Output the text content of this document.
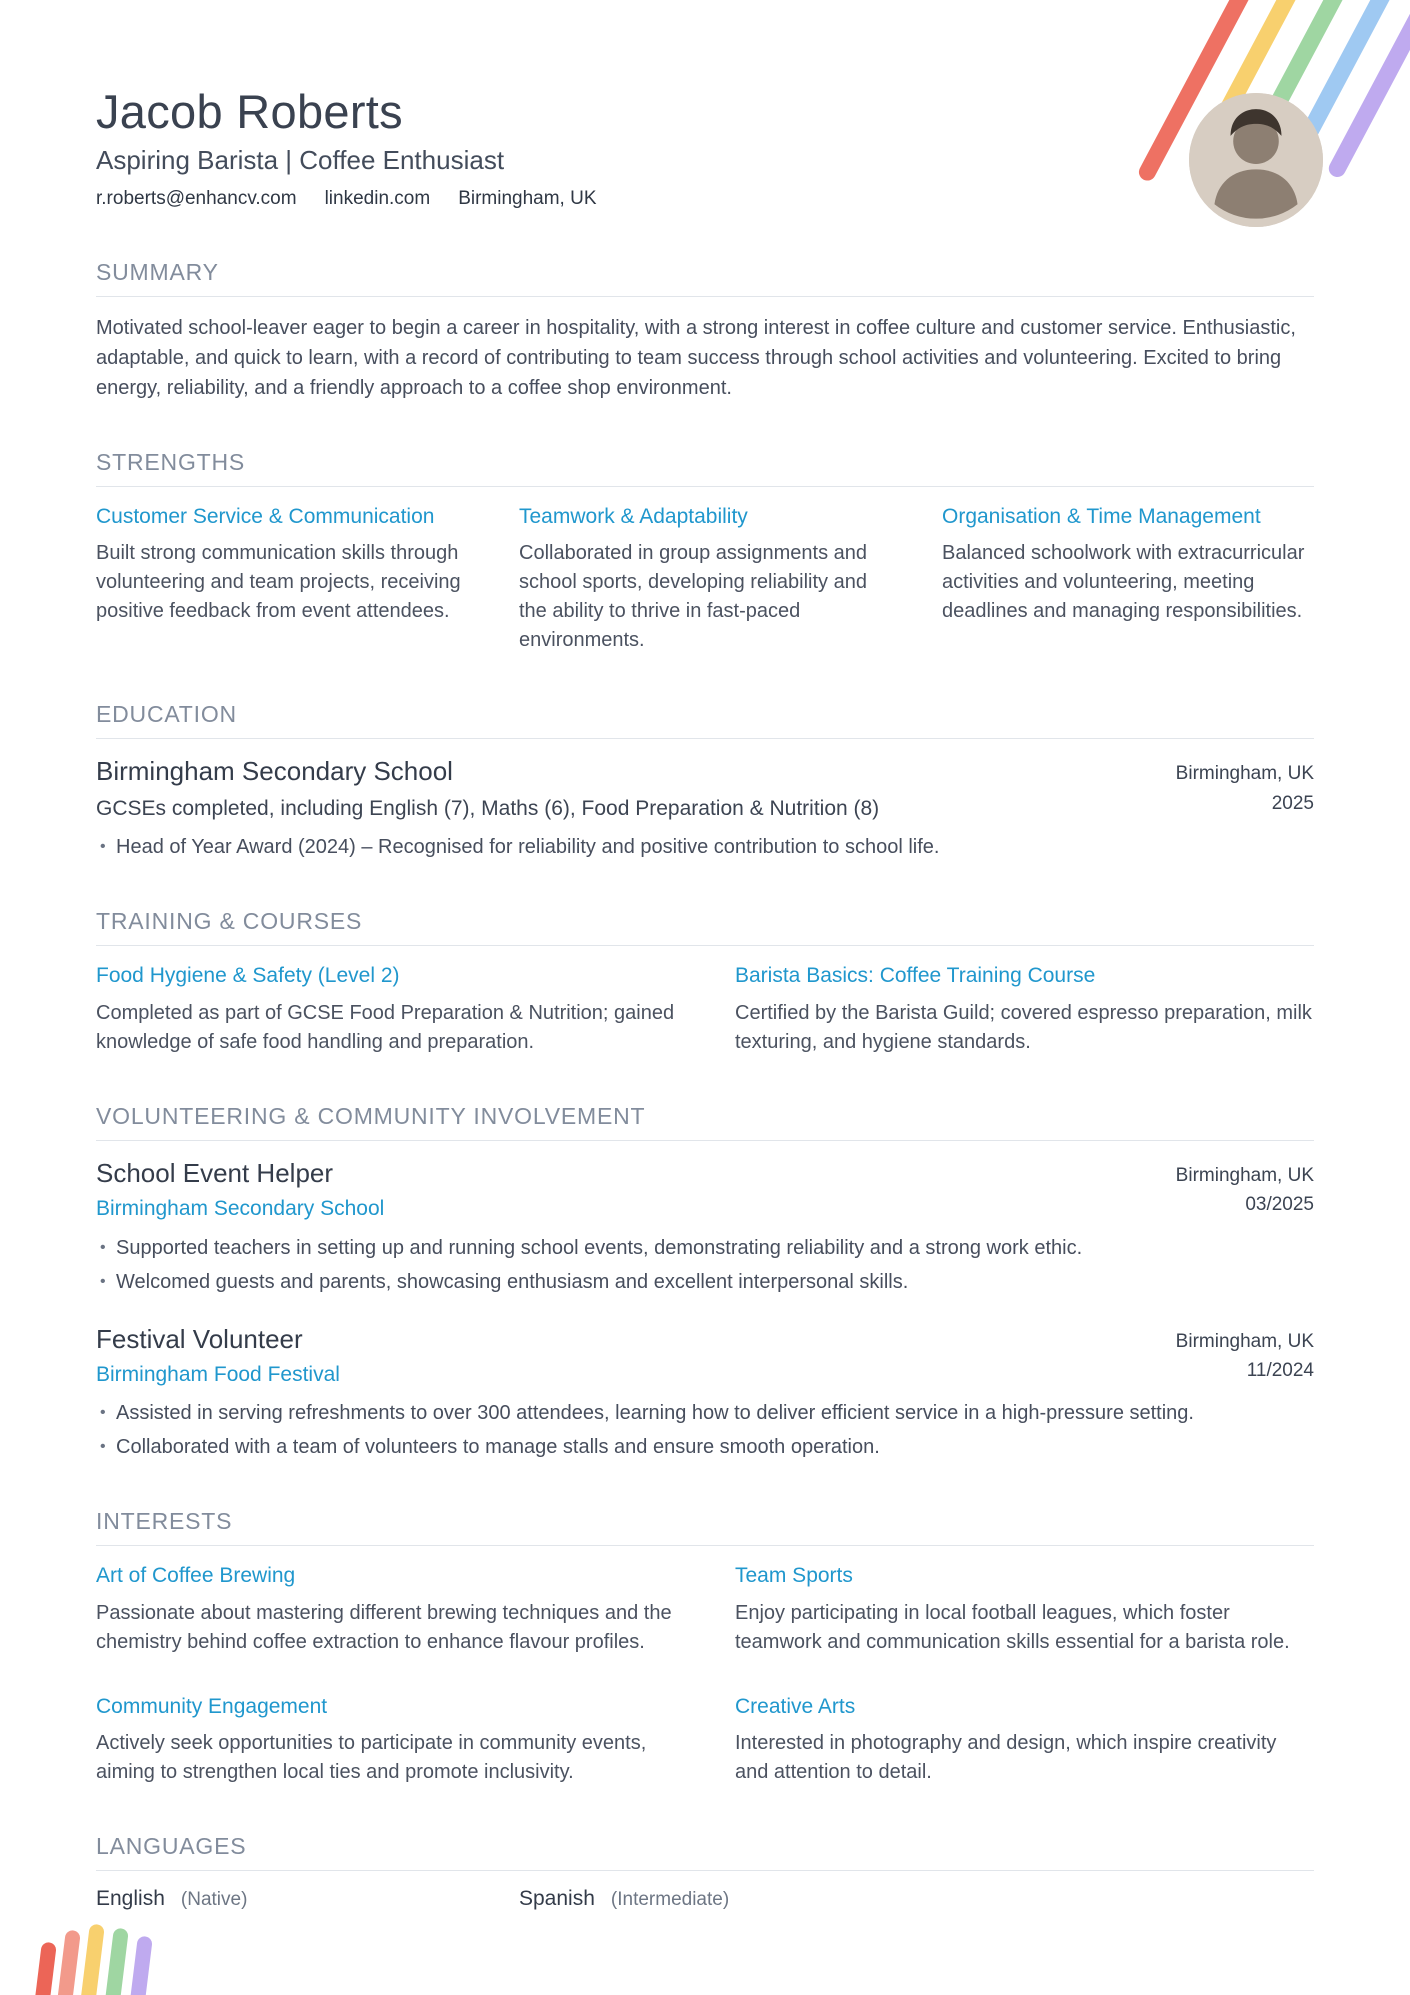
Jacob Roberts
Aspiring Barista | Coffee Enthusiast
r.roberts@enhancv.com linkedin.com Birmingham, UK
SUMMARY

Motivated school-leaver eager to begin a career in hospitality, with a strong interest in coffee culture and customer service. Enthusiastic, adaptable, and quick to learn, with a record of contributing to team success through school activities and volunteering. Excited to bring energy, reliability, and a friendly approach to a coffee shop environment.

STRENGTHS
Customer Service & Communication

Built strong communication skills through volunteering and team projects, receiving positive feedback from event attendees.

Teamwork & Adaptability

Collaborated in group assignments and school sports, developing reliability and the ability to thrive in fast-paced environments.

Organisation & Time Management

Balanced schoolwork with extracurricular activities and volunteering, meeting deadlines and managing responsibilities.

EDUCATION
Birmingham Secondary School
GCSEs completed, including English (7), Maths (6), Food Preparation & Nutrition (8)
Birmingham, UK
2025
• Head of Year Award (2024) – Recognised for reliability and positive contribution to school life.
TRAINING & COURSES
Food Hygiene & Safety (Level 2)

Completed as part of GCSE Food Preparation & Nutrition; gained knowledge of safe food handling and preparation.

Barista Basics: Coffee Training Course

Certified by the Barista Guild; covered espresso preparation, milk texturing, and hygiene standards.

VOLUNTEERING & COMMUNITY INVOLVEMENT
School Event Helper
Birmingham Secondary School
Birmingham, UK
03/2025
• Supported teachers in setting up and running school events, demonstrating reliability and a strong work ethic.
• Welcomed guests and parents, showcasing enthusiasm and excellent interpersonal skills.
Festival Volunteer
Birmingham Food Festival
Birmingham, UK
11/2024
• Assisted in serving refreshments to over 300 attendees, learning how to deliver efficient service in a high-pressure setting.
• Collaborated with a team of volunteers to manage stalls and ensure smooth operation.
INTERESTS
Art of Coffee Brewing

Passionate about mastering different brewing techniques and the chemistry behind coffee extraction to enhance flavour profiles.

Team Sports

Enjoy participating in local football leagues, which foster teamwork and communication skills essential for a barista role.

Community Engagement

Actively seek opportunities to participate in community events, aiming to strengthen local ties and promote inclusivity.

Creative Arts

Interested in photography and design, which inspire creativity and attention to detail.

LANGUAGES
English (Native)	Spanish (Intermediate)
